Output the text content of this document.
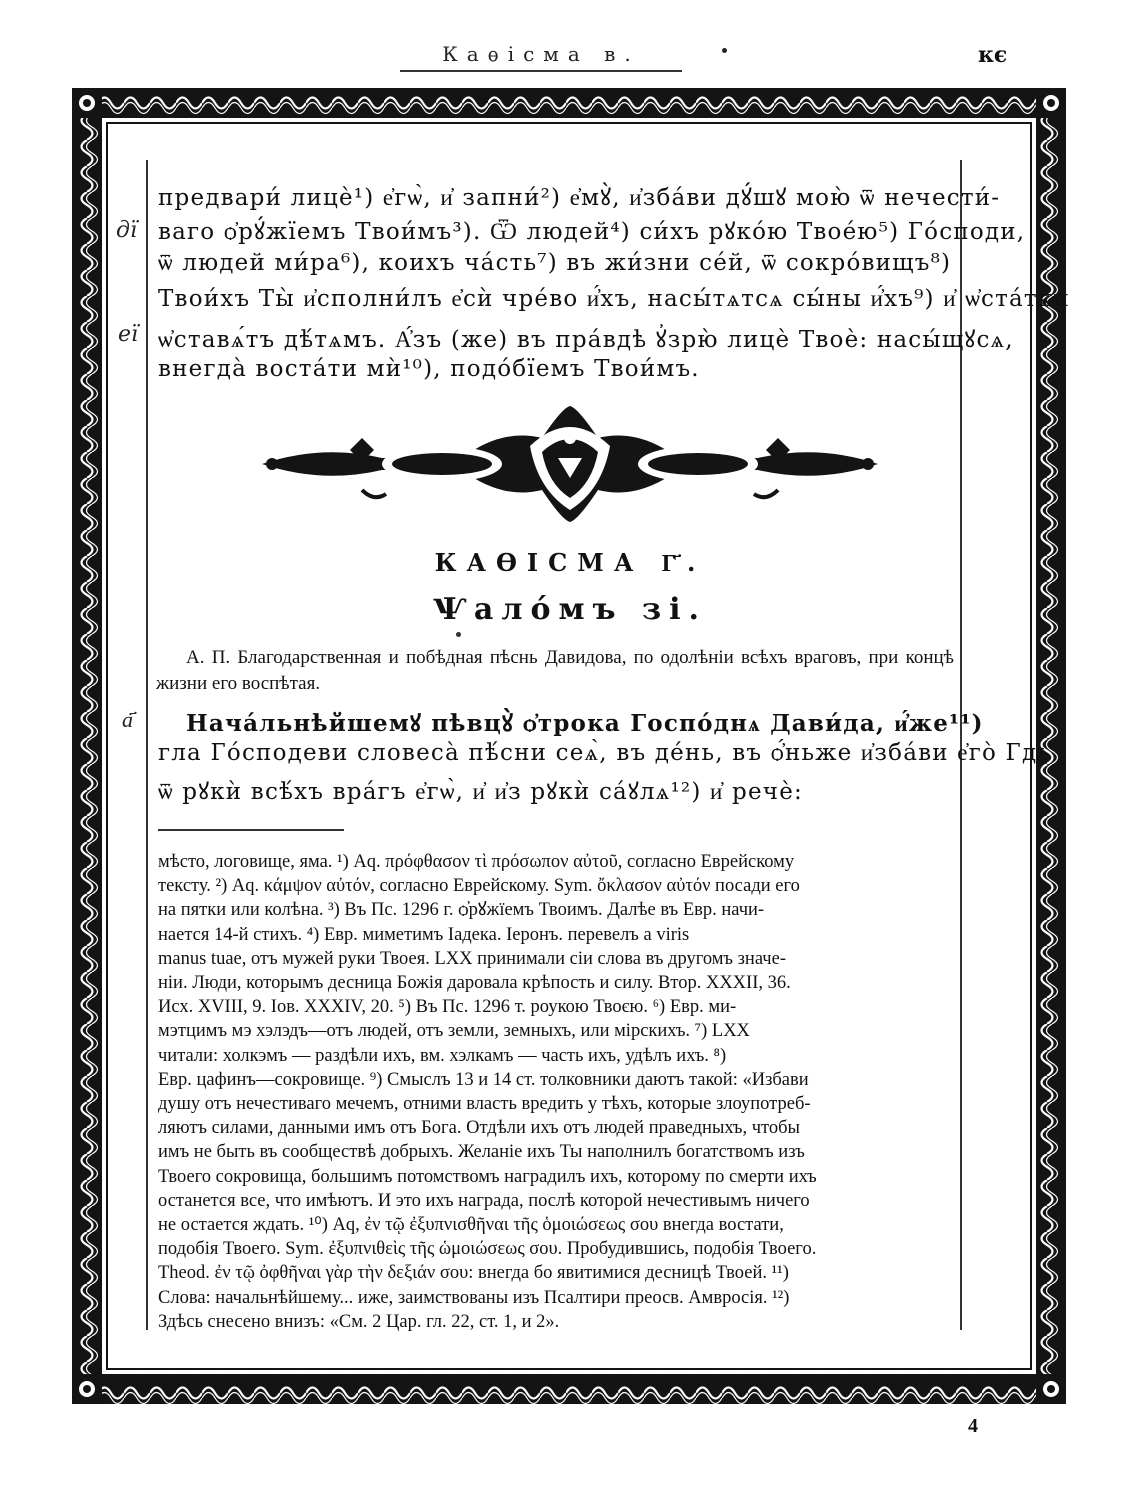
Каѳісма в.	кє
дї
еї
а҃
предвари́ лицѐ¹) е҆гѡ̀, и҆ запни́²) е҆мꙋ̀, и҆зба́ви дꙋ́шꙋ мою̀ ѿ нечести́-
ваго ѻ҆рꙋ́жїемъ Твои́мъ³). Ѿ людей⁴) си́хъ рꙋко́ю Твое́ю⁵) Го́споди,
ѿ людей ми́ра⁶), коихъ ча́сть⁷) въ жи́зни се́й, ѿ сокро́вищъ⁸)
Твои́хъ Ты̀ и҆сполни́лъ е҆сѝ чре́во и҆́хъ, насы́тѧтсѧ сы́ны и҆́хъ⁹) и҆ ѡ҆ста́тки
ѡ҆ставѧ́тъ дѣ́тѧмъ. А҆́зъ (же) въ пра́вдѣ ꙋ҆зрю̀ лицѐ Твоѐ: насы́щꙋсѧ,
внегда̀ воста́ти мѝ¹⁰), подо́бїемъ Твои́мъ.
КАѲІСМА Г҃.
Ѱалóмъ зі.
А. П. Благодарственная и побѣдная пѣснь Давидова, по одолѣніи всѣхъ враговъ, при концѣ жизни его воспѣтая.
Нача́льнѣйшемꙋ пѣвцꙋ̀ ѻ҆трока Госпо́днѧ Дави́да, и҆́же¹¹)
гла Го́сподеви словеса̀ пѣ́сни сеѧ̀, въ де́нь, въ ѻ҆́ньже и҆зба́ви е҆го̀ Гдь
ѿ рꙋкѝ всѣ́хъ вра́гъ е҆гѡ̀, и҆ и҆з рꙋкѝ сáꙋлѧ¹²) и҆ речѐ:
мѣсто, логовище, яма. ¹) Aq. πρόφθασον τὶ πρόσωπον αὐτοῦ, согласно Еврейскому
тексту. ²) Aq. κάμψον αὐτόν, согласно Еврейскому. Sym. ὄκλασον αὐτόν посади его
на пятки или колѣна. ³) Въ Пс. 1296 г. ѻ҆рꙋжїемъ Твоимъ. Далѣе въ Евр. начи-
нается 14-й стихъ. ⁴) Евр. миметимъ Іадека. Іеронъ. перевелъ a viris
manus tuae, отъ мужей руки Твоея. LXX принимали сіи слова въ другомъ значе-
ніи. Люди, которымъ десница Божія даровала крѣпость и силу. Втор. XXXII, 36.
Исх. XVIII, 9. Іов. XXXIV, 20. ⁵) Въ Пс. 1296 т. роукою Твоєю. ⁶) Евр. ми-
мэтцимъ мэ хэлэдъ—отъ людей, отъ земли, земныхъ, или мірскихъ. ⁷) LXX
читали: холкэмъ — раздѣли ихъ, вм. хэлкамъ — часть ихъ, удѣлъ ихъ. ⁸)
Евр. цафинъ—сокровище. ⁹) Смыслъ 13 и 14 ст. толковники даютъ такой: «Избави
душу отъ нечестиваго мечемъ, отними власть вредить у тѣхъ, которые злоупотреб-
ляютъ силами, данными имъ отъ Бога. Отдѣли ихъ отъ людей праведныхъ, чтобы
имъ не быть въ сообществѣ добрыхъ. Желаніе ихъ Ты наполнилъ богатствомъ изъ
Твоего сокровища, большимъ потомствомъ наградилъ ихъ, которому по смерти ихъ
останется все, что имѣютъ. И это ихъ награда, послѣ которой нечестивымъ ничего
не остается ждать. ¹⁰) Aq, ἐν τῷ ἐξυπνισθῆναι τῆς ὁμοιώσεως σου внегда востати,
подобія Твоего. Sym. ἐξυπνιθεὶς τῆς ὡμοιώσεως σου. Пробудившись, подобія Твоего.
Theod. ἐν τῷ ὀφθῆναι γὰρ τὴν δεξιάν σου: внегда бо явитимися десницѣ Твоей. ¹¹)
Слова: начальнѣйшему... иже, заимствованы изъ Псалтири преосв. Амвросія. ¹²)
Здѣсь снесено внизъ: «См. 2 Цар. гл. 22, ст. 1, и 2».
4
